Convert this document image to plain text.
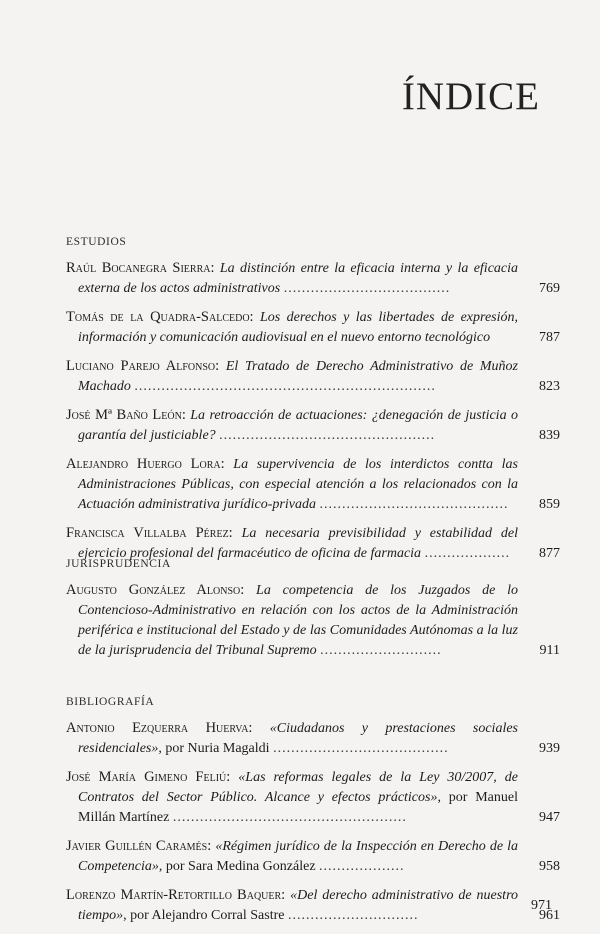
ÍNDICE
ESTUDIOS
Raúl Bocanegra Sierra: La distinción entre la eficacia interna y la eficacia externa de los actos administrativos .....................................	769
Tomás de la Quadra-Salcedo: Los derechos y las libertades de expresión, información y comunicación audiovisual en el nuevo entorno tecnológico	787
Luciano Parejo Alfonso: El Tratado de Derecho Administrativo de Muñoz Machado ...................................................................	823
José Mª Baño León: La retroacción de actuaciones: ¿denegación de justicia o garantía del justiciable? ................................................	839
Alejandro Huergo Lora: La supervivencia de los interdictos contta las Administraciones Públicas, con especial atención a los relacionados con la Actuación administrativa jurídico-privada ..........................................	859
Francisca Villalba Pérez: La necesaria previsibilidad y estabilidad del ejercicio profesional del farmacéutico de oficina de farmacia ...................	877
JURISPRUDENCIA
Augusto González Alonso: La competencia de los Juzgados de lo Contencioso-Administrativo en relación con los actos de la Administración periférica e institucional del Estado y de las Comunidades Autónomas a la luz de la jurisprudencia del Tribunal Supremo ...........................	911
BIBLIOGRAFÍA
Antonio Ezquerra Huerva: «Ciudadanos y prestaciones sociales residenciales», por Nuria Magaldi .......................................	939
José María Gimeno Feliú: «Las reformas legales de la Ley 30/2007, de Contratos del Sector Público. Alcance y efectos prácticos», por Manuel Millán Martínez ....................................................	947
Javier Guillén Caramés: «Régimen jurídico de la Inspección en Derecho de la Competencia», por Sara Medina González ...................	958
Lorenzo Martín-Retortillo Baquer: «Del derecho administrativo de nuestro tiempo», por Alejandro Corral Sastre .............................	961
971
